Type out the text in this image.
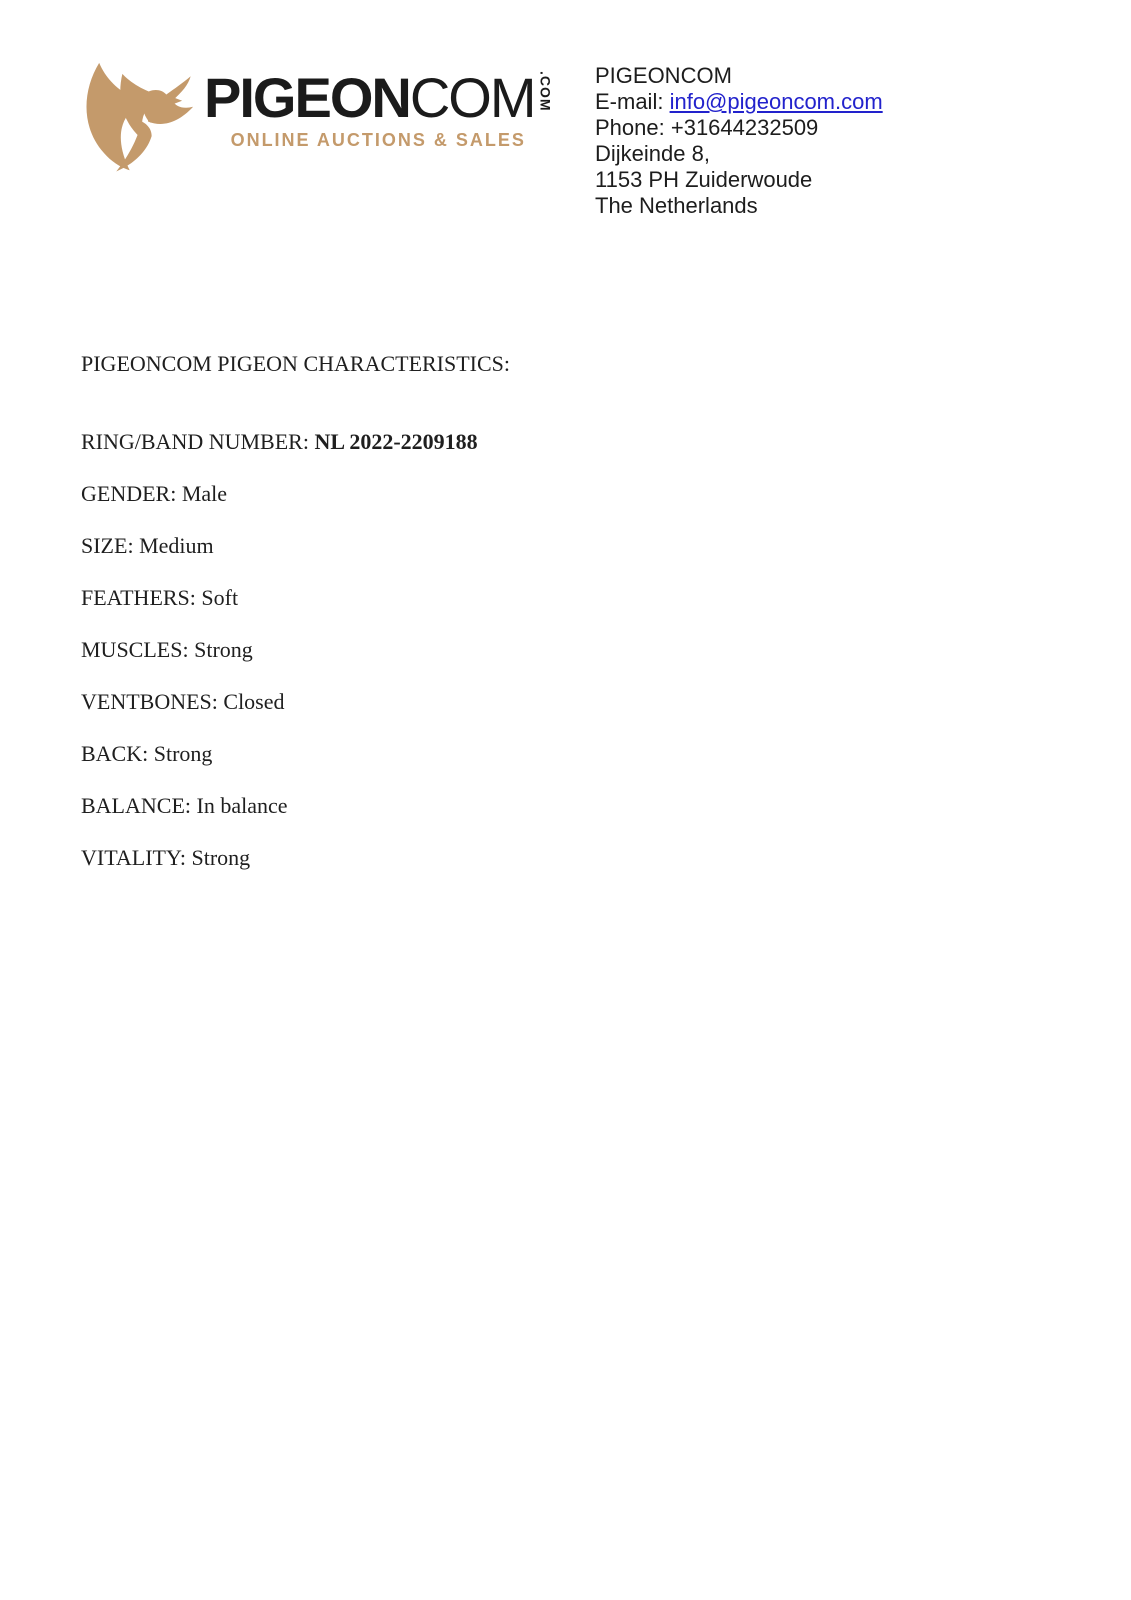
PIGEON COM .COM
ONLINE AUCTIONS & SALES
PIGEONCOM
E-mail: info@pigeoncom.com
Phone: +31644232509
Dijkeinde 8,
1153 PH Zuiderwoude
The Netherlands
PIGEONCOM PIGEON CHARACTERISTICS:
RING/BAND NUMBER: NL 2022-2209188
GENDER: Male
SIZE: Medium
FEATHERS: Soft
MUSCLES: Strong
VENTBONES: Closed
BACK: Strong
BALANCE: In balance
VITALITY: Strong
